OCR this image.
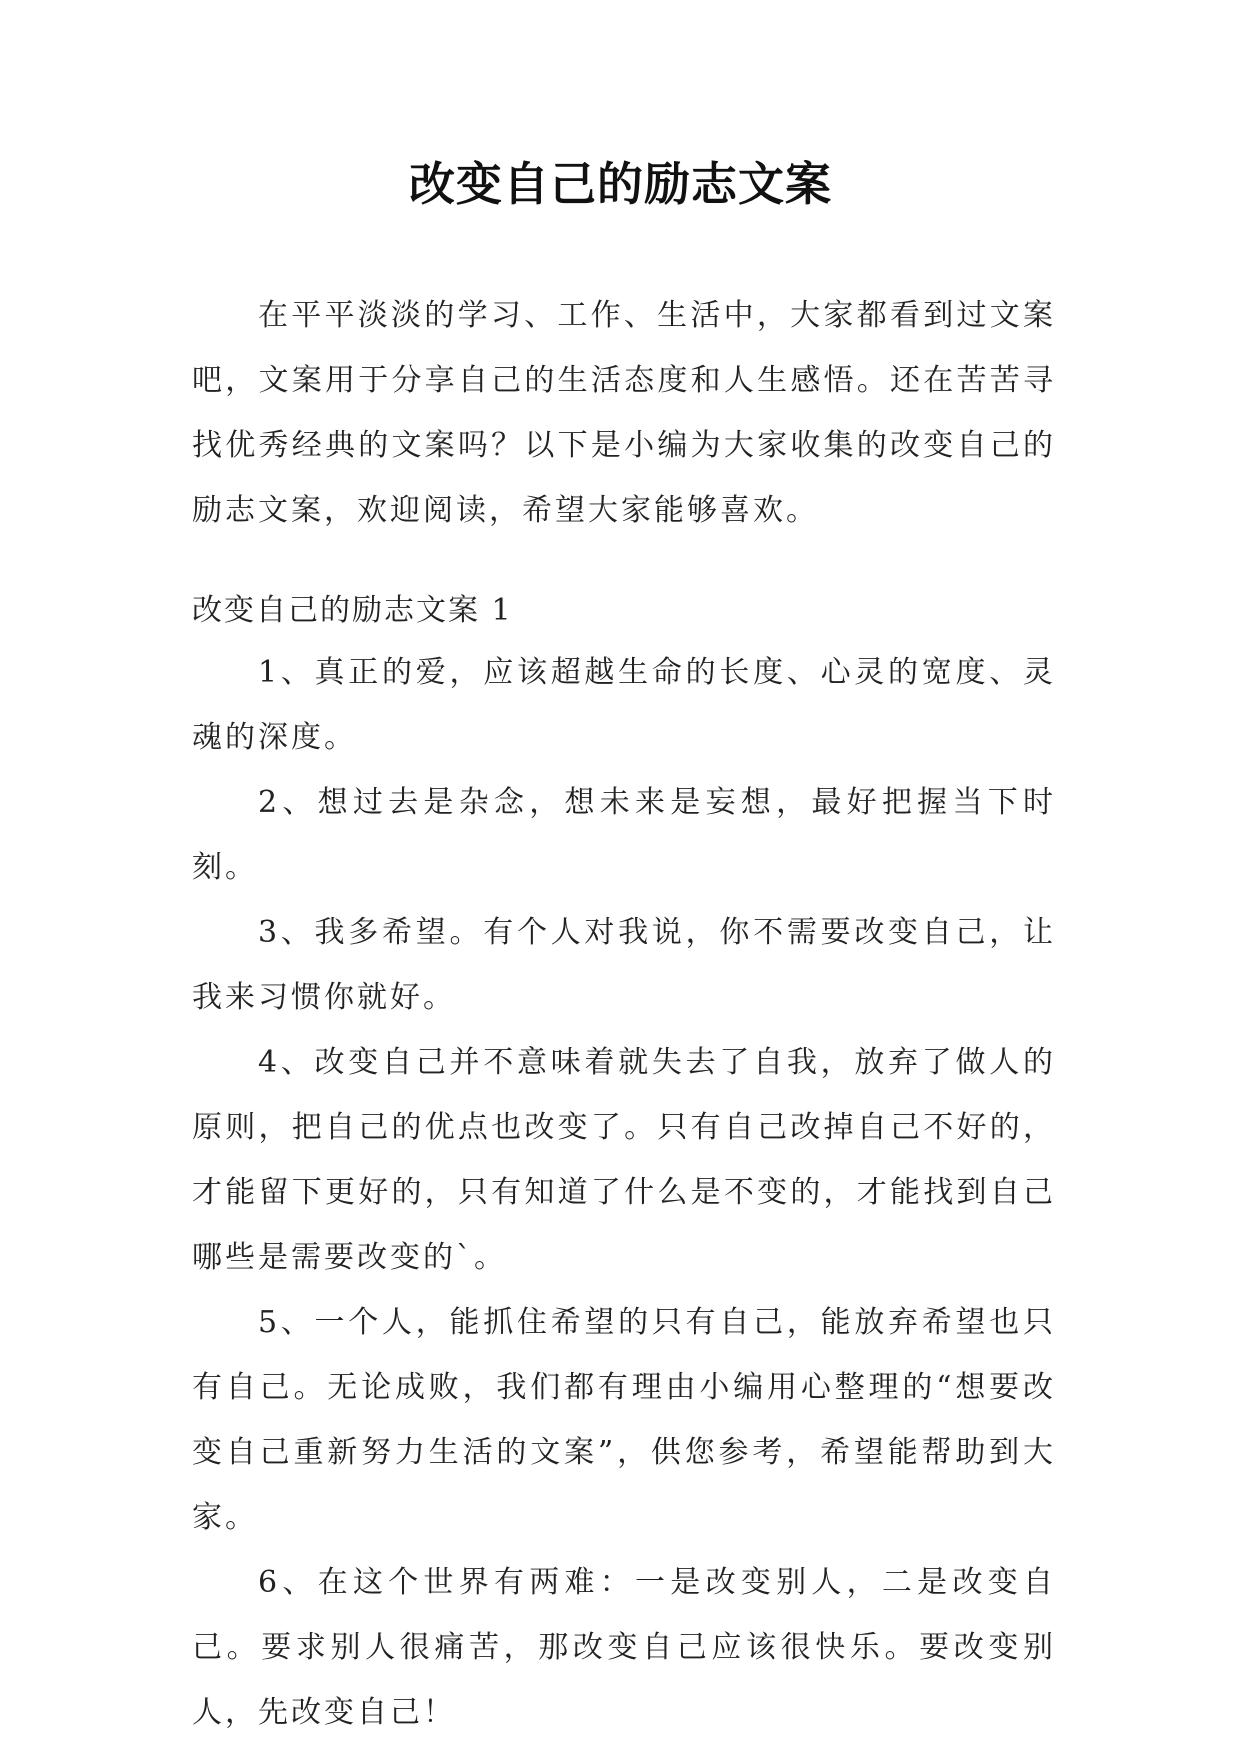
改变自己的励志文案

在平平淡淡的学习、工作、生活中，大家都看到过文案吧，文案用于分享自己的生活态度和人生感悟。还在苦苦寻找优秀经典的文案吗？以下是小编为大家收集的改变自己的励志文案，欢迎阅读，希望大家能够喜欢。

改变自己的励志文案 1

1、真正的爱，应该超越生命的长度、心灵的宽度、灵魂的深度。
2、想过去是杂念，想未来是妄想，最好把握当下时刻。
3、我多希望。有个人对我说，你不需要改变自己，让我来习惯你就好。
4、改变自己并不意味着就失去了自我，放弃了做人的原则，把自己的优点也改变了。只有自己改掉自己不好的，才能留下更好的，只有知道了什么是不变的，才能找到自己哪些是需要改变的`。
5、一个人，能抓住希望的只有自己，能放弃希望也只有自己。无论成败，我们都有理由小编用心整理的“想要改变自己重新努力生活的文案”，供您参考，希望能帮助到大家。
6、在这个世界有两难：一是改变别人，二是改变自己。要求别人很痛苦，那改变自己应该很快乐。要改变别人，先改变自己！
